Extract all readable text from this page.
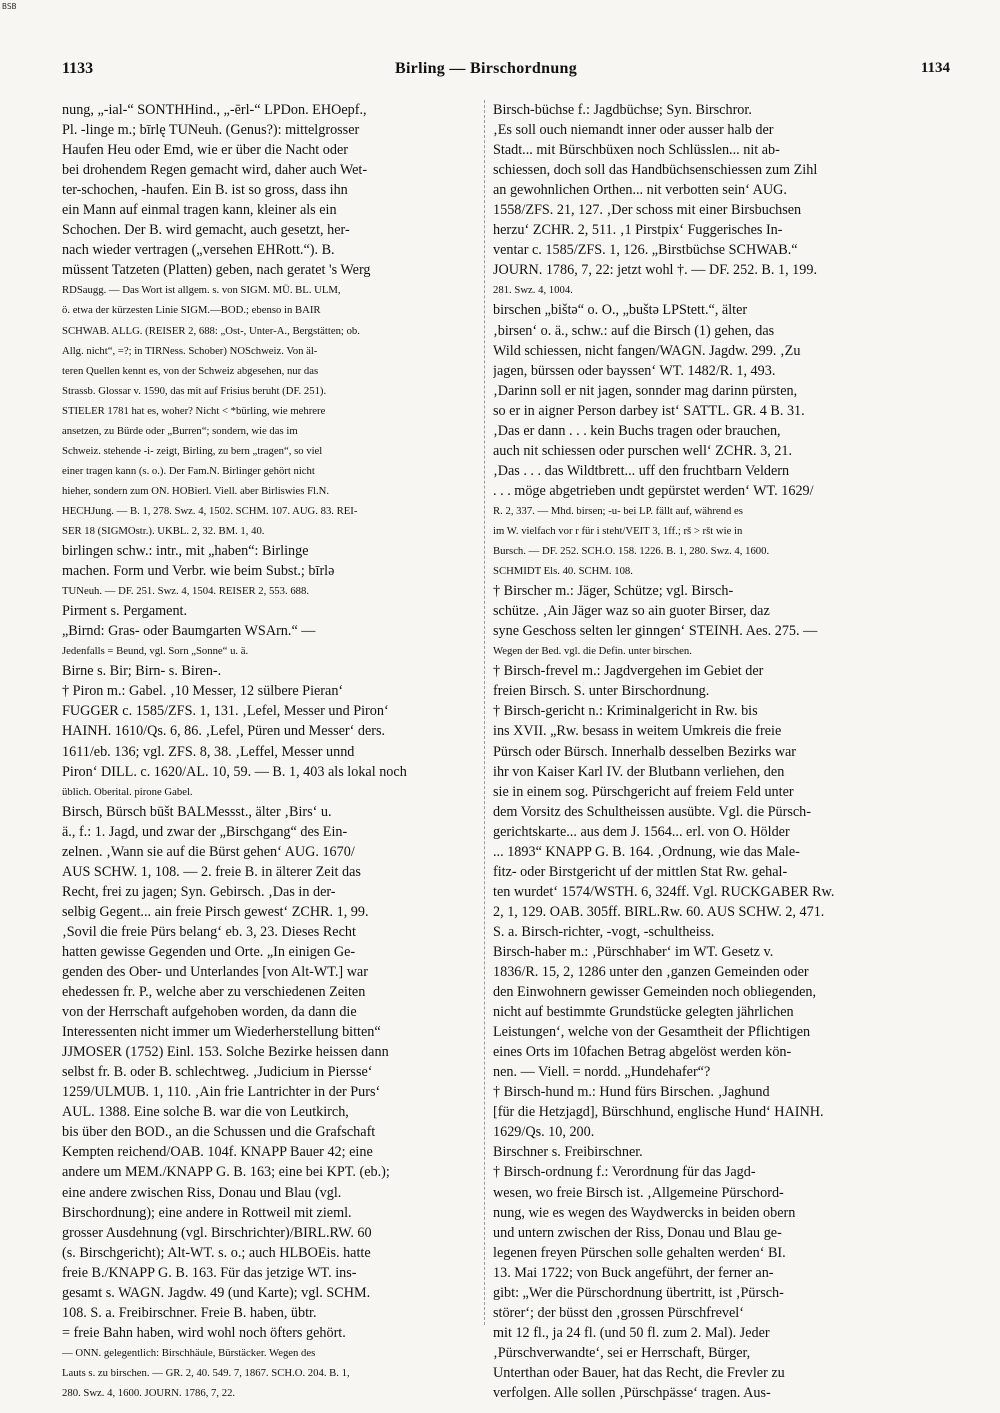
BSB
1133	Birling — Birschordnung	1134
nung, „-ial-“ SONTHHind., „-ērl-“ LPDon. EHOepf.,
Pl. -linge m.; bīrlę TUNeuh. (Genus?): mittelgrosser
Haufen Heu oder Emd, wie er über die Nacht oder
bei drohendem Regen gemacht wird, daher auch Wet-
ter-schochen, -haufen. Ein B. ist so gross, dass ihn
ein Mann auf einmal tragen kann, kleiner als ein
Schochen. Der B. wird gemacht, auch gesetzt, her-
nach wieder vertragen („versehen EHRott.“). B.
müssent Tatzeten (Platten) geben, nach geratet 's Werg
RDSaugg. — Das Wort ist allgem. s. von SIGM. MÜ. BL. ULM,
ö. etwa der kürzesten Linie SIGM.—BOD.; ebenso in BAIR
SCHWAB. ALLG. (REISER 2, 688: „Ost-, Unter-A., Bergstätten; ob.
Allg. nicht“, =?; in TIRNess. Schober) NOSchweiz. Von äl-
teren Quellen kennt es, von der Schweiz abgesehen, nur das
Strassb. Glossar v. 1590, das mit auf Frisius beruht (DF. 251).
STIELER 1781 hat es, woher? Nicht < *bürling, wie mehrere
ansetzen, zu Bürde oder „Burren“; sondern, wie das im
Schweiz. stehende -i- zeigt, Birling, zu bern „tragen“, so viel
einer tragen kann (s. o.). Der Fam.N. Birlinger gehört nicht
hieher, sondern zum ON. HOBierl. Viell. aber Birliswies Fl.N.
HECHJung. — B. 1, 278. Swz. 4, 1502. SCHM. 107. AUG. 83. REI-
SER 18 (SIGMOstr.). UKBL. 2, 32. BM. 1, 40.
birlingen schw.: intr., mit „haben“: Birlinge
machen. Form und Verbr. wie beim Subst.; bīrlə
TUNeuh. — DF. 251. Swz. 4, 1504. REISER 2, 553. 688.
Pirment s. Pergament.
„Birnd: Gras- oder Baumgarten WSArn.“ —
Jedenfalls = Beund, vgl. Sorn „Sonne“ u. ä.
Birne s. Bir; Birn- s. Biren-.
† Piron m.: Gabel. ‚10 Messer, 12 sülbere Pieran‘
FUGGER c. 1585/ZFS. 1, 131. ‚Lefel, Messer und Piron‘
HAINH. 1610/Qs. 6, 86. ‚Lefel, Püren und Messer‘ ders.
1611/eb. 136; vgl. ZFS. 8, 38. ‚Leffel, Messer unnd
Piron‘ DILL. c. 1620/AL. 10, 59. — B. 1, 403 als lokal noch
üblich. Oberital. pirone Gabel.
Birsch, Bürsch būšt BALMessst., älter ‚Birs‘ u.
ä., f.: 1. Jagd, und zwar der „Birschgang“ des Ein-
zelnen. ‚Wann sie auf die Bürst gehen‘ AUG. 1670/
AUS SCHW. 1, 108. — 2. freie B. in älterer Zeit das
Recht, frei zu jagen; Syn. Gebirsch. ‚Das in der-
selbig Gegent... ain freie Pirsch gewest‘ ZCHR. 1, 99.
‚Sovil die freie Pürs belang‘ eb. 3, 23. Dieses Recht
hatten gewisse Gegenden und Orte. „In einigen Ge-
genden des Ober- und Unterlandes [von Alt-WT.] war
ehedessen fr. P., welche aber zu verschiedenen Zeiten
von der Herrschaft aufgehoben worden, da dann die
Interessenten nicht immer um Wiederherstellung bitten“
JJMOSER (1752) Einl. 153. Solche Bezirke heissen dann
selbst fr. B. oder B. schlechtweg. ‚Judicium in Piersse‘
1259/ULMUB. 1, 110. ‚Ain frie Lantrichter in der Purs‘
AUL. 1388. Eine solche B. war die von Leutkirch,
bis über den BOD., an die Schussen und die Grafschaft
Kempten reichend/OAB. 104f. KNAPP Bauer 42; eine
andere um MEM./KNAPP G. B. 163; eine bei KPT. (eb.);
eine andere zwischen Riss, Donau und Blau (vgl.
Birschordnung); eine andere in Rottweil mit zieml.
grosser Ausdehnung (vgl. Birschrichter)/BIRL.RW. 60
(s. Birschgericht); Alt-WT. s. o.; auch HLBOEis. hatte
freie B./KNAPP G. B. 163. Für das jetzige WT. ins-
gesamt s. WAGN. Jagdw. 49 (und Karte); vgl. SCHM.
108. S. a. Freibirschner. Freie B. haben, übtr.
= freie Bahn haben, wird wohl noch öfters gehört.
— ONN. gelegentlich: Birschhäule, Bürstäcker. Wegen des
Lauts s. zu birschen. — GR. 2, 40. 549. 7, 1867. SCH.O. 204. B. 1,
280. Swz. 4, 1600. JOURN. 1786, 7, 22.
Birsch-büchse f.: Jagdbüchse; Syn. Birschror.
‚Es soll ouch niemandt inner oder ausser halb der
Stadt... mit Bürschbüxen noch Schlüsslen... nit ab-
schiessen, doch soll das Handbüchsenschiessen zum Zihl
an gewohnlichen Orthen... nit verbotten sein‘ AUG.
1558/ZFS. 21, 127. ‚Der schoss mit einer Birsbuchsen
herzu‘ ZCHR. 2, 511. ‚1 Pirstpix‘ Fuggerisches In-
ventar c. 1585/ZFS. 1, 126. „Birstbüchse SCHWAB.“
JOURN. 1786, 7, 22: jetzt wohl †. — DF. 252. B. 1, 199.
281. Swz. 4, 1004.
birschen „bištə“ o. O., „buštə LPStett.“, älter
‚birsen‘ o. ä., schw.: auf die Birsch (1) gehen, das
Wild schiessen, nicht fangen/WAGN. Jagdw. 299. ‚Zu
jagen, bürssen oder bayssen‘ WT. 1482/R. 1, 493.
‚Darinn soll er nit jagen, sonnder mag darinn pürsten,
so er in aigner Person darbey ist‘ SATTL. GR. 4 B. 31.
‚Das er dann . . . kein Buchs tragen oder brauchen,
auch nit schiessen oder purschen well‘ ZCHR. 3, 21.
‚Das . . . das Wildtbrett... uff den fruchtbarn Veldern
. . . möge abgetrieben undt gepürstet werden‘ WT. 1629/
R. 2, 337. — Mhd. birsen; -u- bei LP. fällt auf, während es
im W. vielfach vor r für i steht/VEIT 3, 1ff.; rš > ršt wie in
Bursch. — DF. 252. SCH.O. 158. 1226. B. 1, 280. Swz. 4, 1600.
SCHMIDT Els. 40. SCHM. 108.
† Birscher m.: Jäger, Schütze; vgl. Birsch-
schütze. ‚Ain Jäger waz so ain guoter Birser, daz
syne Geschoss selten ler ginngen‘ STEINH. Aes. 275. —
Wegen der Bed. vgl. die Defin. unter birschen.
† Birsch-frevel m.: Jagdvergehen im Gebiet der
freien Birsch. S. unter Birschordnung.
† Birsch-gericht n.: Kriminalgericht in Rw. bis
ins XVII. „Rw. besass in weitem Umkreis die freie
Pürsch oder Bürsch. Innerhalb desselben Bezirks war
ihr von Kaiser Karl IV. der Blutbann verliehen, den
sie in einem sog. Pürschgericht auf freiem Feld unter
dem Vorsitz des Schultheissen ausübte. Vgl. die Pürsch-
gerichtskarte... aus dem J. 1564... erl. von O. Hölder
... 1893“ KNAPP G. B. 164. ‚Ordnung, wie das Male-
fitz- oder Birstgericht uf der mittlen Stat Rw. gehal-
ten wurdet‘ 1574/WSTH. 6, 324ff. Vgl. RUCKGABER Rw.
2, 1, 129. OAB. 305ff. BIRL.Rw. 60. AUS SCHW. 2, 471.
S. a. Birsch-richter, -vogt, -schultheiss.
Birsch-haber m.: ‚Pürschhaber‘ im WT. Gesetz v.
1836/R. 15, 2, 1286 unter den ‚ganzen Gemeinden oder
den Einwohnern gewisser Gemeinden noch obliegenden,
nicht auf bestimmte Grundstücke gelegten jährlichen
Leistungen‘, welche von der Gesamtheit der Pflichtigen
eines Orts im 10fachen Betrag abgelöst werden kön-
nen. — Viell. = nordd. „Hundehafer“?
† Birsch-hund m.: Hund fürs Birschen. ‚Jaghund
[für die Hetzjagd], Bürschhund, englische Hund‘ HAINH.
1629/Qs. 10, 200.
Birschner s. Freibirschner.
† Birsch-ordnung f.: Verordnung für das Jagd-
wesen, wo freie Birsch ist. ‚Allgemeine Pürschord-
nung, wie es wegen des Waydwercks in beiden obern
und untern zwischen der Riss, Donau und Blau ge-
legenen freyen Pürschen solle gehalten werden‘ BI.
13. Mai 1722; von Buck angeführt, der ferner an-
gibt: „Wer die Pürschordnung übertritt, ist ‚Pürsch-
störer‘; der büsst den ‚grossen Pürschfrevel‘
mit 12 fl., ja 24 fl. (und 50 fl. zum 2. Mal). Jeder
‚Pürschverwandte‘, sei er Herrschaft, Bürger,
Unterthan oder Bauer, hat das Recht, die Frevler zu
verfolgen. Alle sollen ‚Pürschpässe‘ tragen. Aus-
